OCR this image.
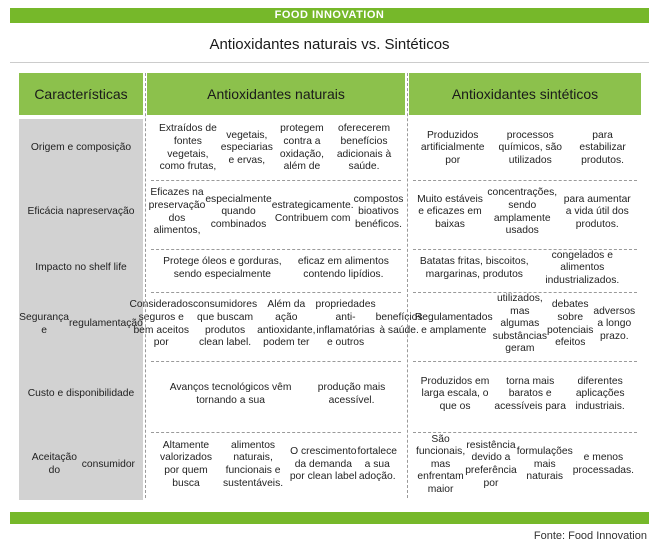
FOOD INNOVATION
Antioxidantes naturais vs. Sintéticos
Características	Antioxidantes naturais	Antioxidantes sintéticos
Origem e composição
Extraídos de fontes vegetais, como frutas,

vegetais, especiarias e ervas,

protegem contra a oxidação, além de

oferecerem benefícios adicionais à saúde.
Produzidos artificialmente por

processos químicos, são utilizados

para estabilizar produtos.
Eficácia na preservação
Eficazes na preservação dos alimentos,

especialmente quando combinados

estrategicamente. Contribuem com

compostos bioativos benéficos.
Muito estáveis e eficazes em baixas

concentrações, sendo amplamente usados

para aumentar a vida útil dos produtos.
Impacto no shelf life
Protege óleos e gorduras, sendo especialmente

eficaz em alimentos contendo lipídios.
Batatas fritas, biscoitos, margarinas, produtos

congelados e alimentos industrializados.
Segurança e

regulamentação
Considerados seguros e bem aceitos por

consumidores que buscam produtos clean label.

Além da ação antioxidante, podem ter

propriedades anti-inflamatórias e outros

benefícios à saúde.
Regulamentados e amplamente

utilizados, mas algumas substâncias geram

debates sobre potenciais efeitos

adversos a longo prazo.
Custo e disponibilidade
Avanços tecnológicos vêm tornando a sua

produção mais acessível.
Produzidos em larga escala, o que os

torna mais baratos e acessíveis para

diferentes aplicações industriais.
Aceitação do

consumidor
Altamente valorizados por quem busca

alimentos naturais, funcionais e sustentáveis.

O crescimento da demanda por clean label

fortalece a sua adoção.
São funcionais, mas enfrentam maior

resistência devido a preferência por

formulações mais naturais

e menos processadas.
Fonte: Food Innovation
